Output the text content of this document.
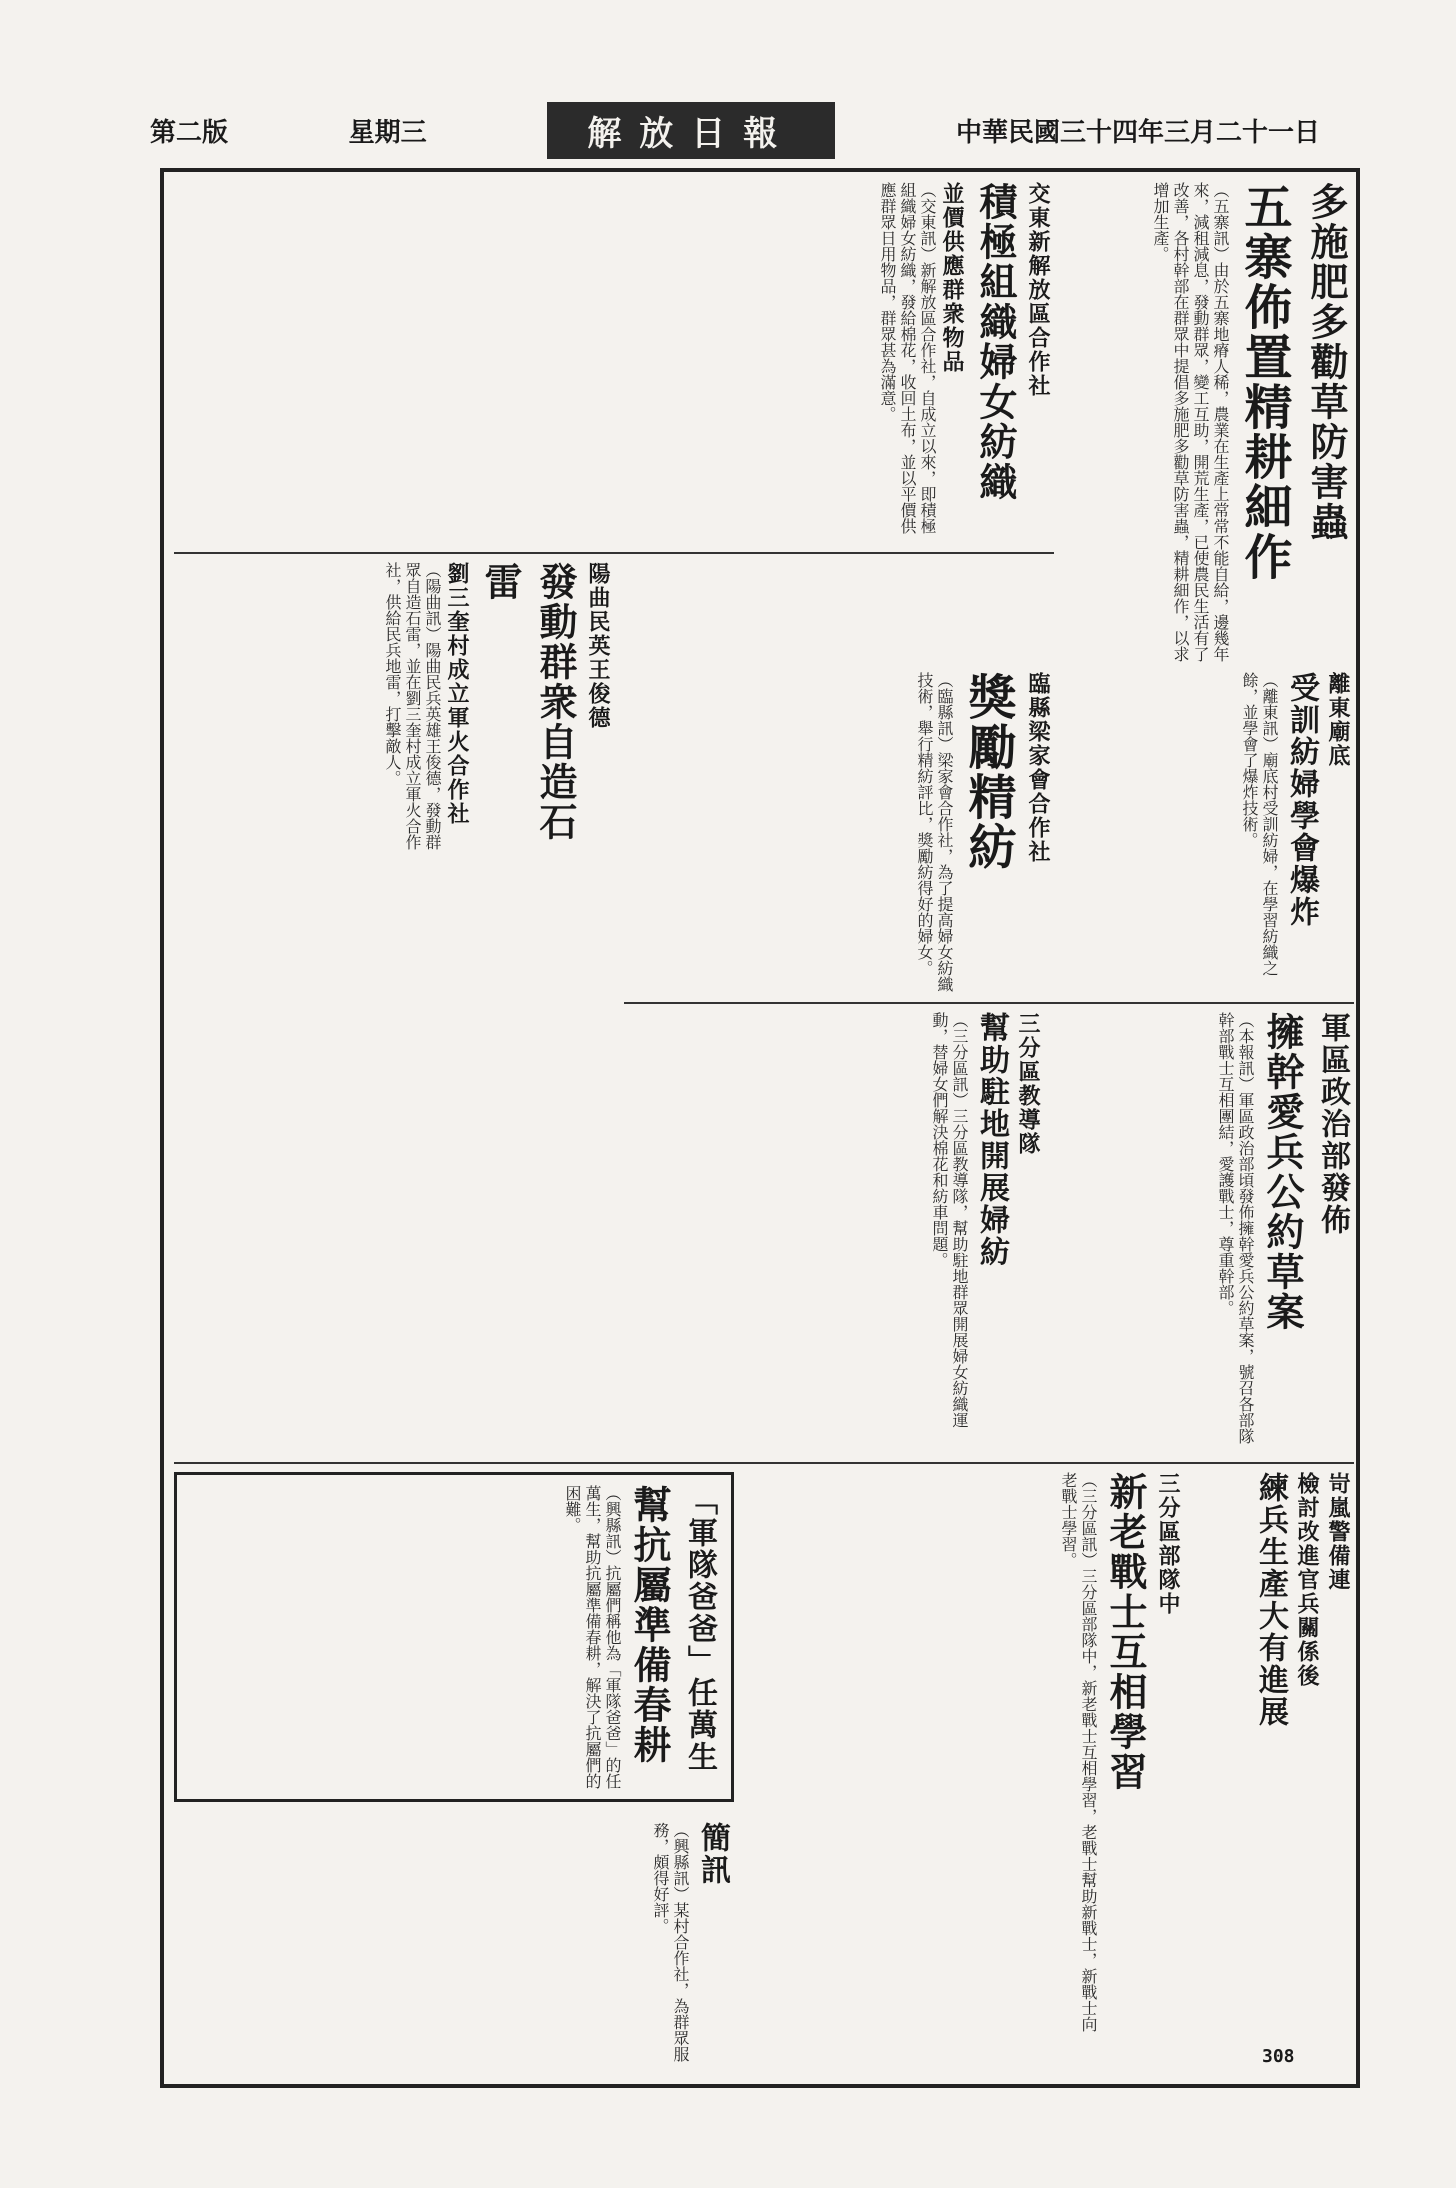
第二版	星期三	解放日報	中華民國三十四年三月二十一日
多施肥多勸草防害蟲
五寨佈置精耕細作
（五寨訊）由於五寨地瘠人稀，農業在生產上常常不能自給，邊幾年來，減租減息，發動群眾，變工互助，開荒生產，已使農民生活有了改善，各村幹部在群眾中提倡多施肥多勸草防害蟲，精耕細作，以求增加生產。
交東新解放區合作社
積極組織婦女紡織
並價供應群衆物品
（交東訊）新解放區合作社，自成立以來，即積極組織婦女紡織，發給棉花，收回土布，並以平價供應群眾日用物品，群眾甚為滿意。
陽曲民英王俊德
發動群衆自造石雷
劉三奎村成立軍火合作社
（陽曲訊）陽曲民兵英雄王俊德，發動群眾自造石雷，並在劉三奎村成立軍火合作社，供給民兵地雷，打擊敵人。	臨縣梁家會合作社
獎勵精紡
（臨縣訊）梁家會合作社，為了提高婦女紡織技術，舉行精紡評比，獎勵紡得好的婦女。	離東廟底
受訓紡婦學會爆炸
（離東訊）廟底村受訓紡婦，在學習紡織之餘，並學會了爆炸技術。
三分區教導隊
幫助駐地開展婦紡
（三分區訊）三分區教導隊，幫助駐地群眾開展婦女紡織運動，替婦女們解決棉花和紡車問題。	軍區政治部發佈
擁幹愛兵公約草案
（本報訊）軍區政治部頃發佈擁幹愛兵公約草案，號召各部隊幹部戰士互相團結，愛護戰士，尊重幹部。
「軍隊爸爸」任萬生
幫抗屬準備春耕
（興縣訊）抗屬們稱他為「軍隊爸爸」的任萬生，幫助抗屬準備春耕，解決了抗屬們的困難。	三分區部隊中
新老戰士互相學習
（三分區訊）三分區部隊中，新老戰士互相學習，老戰士幫助新戰士，新戰士向老戰士學習。	岢嵐警備連
檢討改進官兵關係後
練兵生產大有進展
簡訊
（興縣訊）某村合作社，為群眾服務，頗得好評。
308
